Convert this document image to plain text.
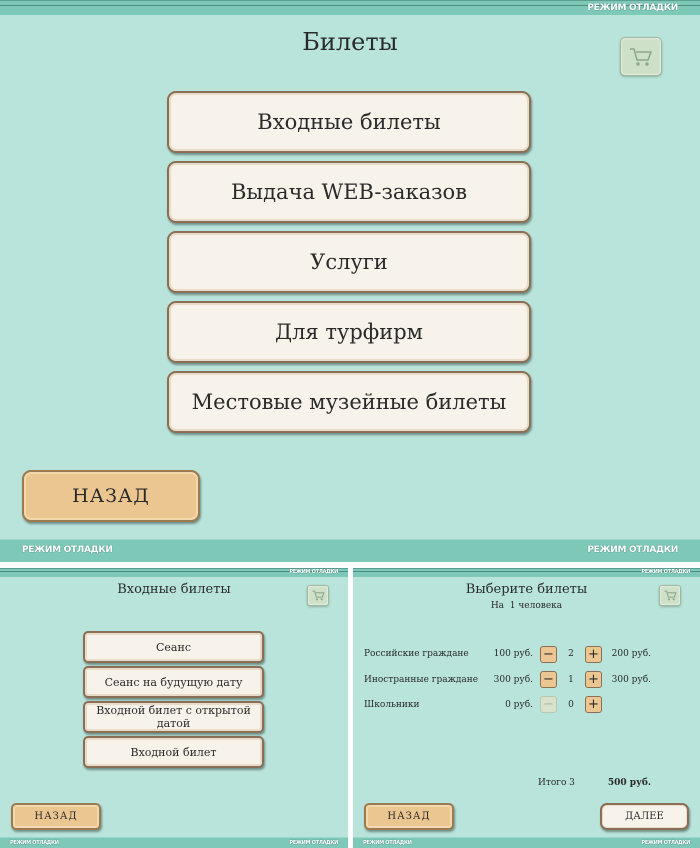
РЕЖИМ ОТЛАДКИ
Билеты
Входные билеты
Выдача WEB-заказов
Услуги
Для турфирм
Местовые музейные билеты
НАЗАД
РЕЖИМ ОТЛАДКИ	РЕЖИМ ОТЛАДКИ
РЕЖИМ ОТЛАДКИ
Входные билеты
Сеанс
Сеанс на будущую дату
Входной билет с открытой датой
Входной билет
НАЗАД
РЕЖИМ ОТЛАДКИ	РЕЖИМ ОТЛАДКИ
РЕЖИМ ОТЛАДКИ
Выберите билеты
На  1 человека
Российские граждане	100 руб. −	2	+	200 руб.
Иностранные граждане	300 руб. −	1	+	300 руб.
Школьники	0 руб. −	0	+
Итого 3	500 руб.
НАЗАД	ДАЛЕЕ
РЕЖИМ ОТЛАДКИ	РЕЖИМ ОТЛАДКИ
